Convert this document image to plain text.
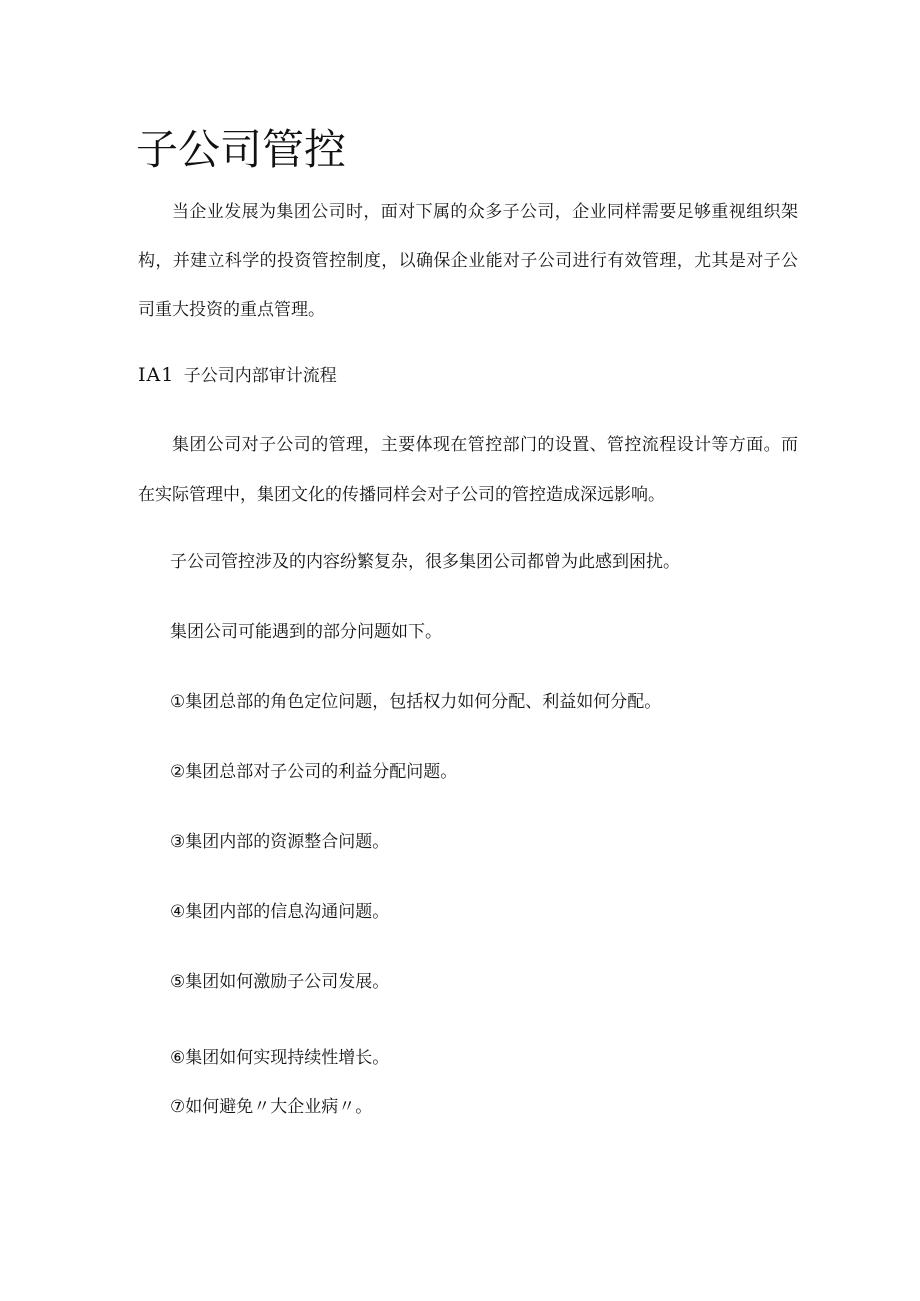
子公司管控

当企业发展为集团公司时，面对下属的众多子公司，企业同样需要足够重视组织架构，并建立科学的投资管控制度，以确保企业能对子公司进行有效管理，尤其是对子公司重大投资的重点管理。

IA1 子公司内部审计流程

集团公司对子公司的管理，主要体现在管控部门的设置、管控流程设计等方面。而在实际管理中，集团文化的传播同样会对子公司的管控造成深远影响。

子公司管控涉及的内容纷繁复杂，很多集团公司都曾为此感到困扰。

集团公司可能遇到的部分问题如下。

①集团总部的角色定位问题，包括权力如何分配、利益如何分配。

②集团总部对子公司的利益分配问题。

③集团内部的资源整合问题。

④集团内部的信息沟通问题。

⑤集团如何激励子公司发展。

⑥集团如何实现持续性增长。

⑦如何避免〃大企业病〃。
